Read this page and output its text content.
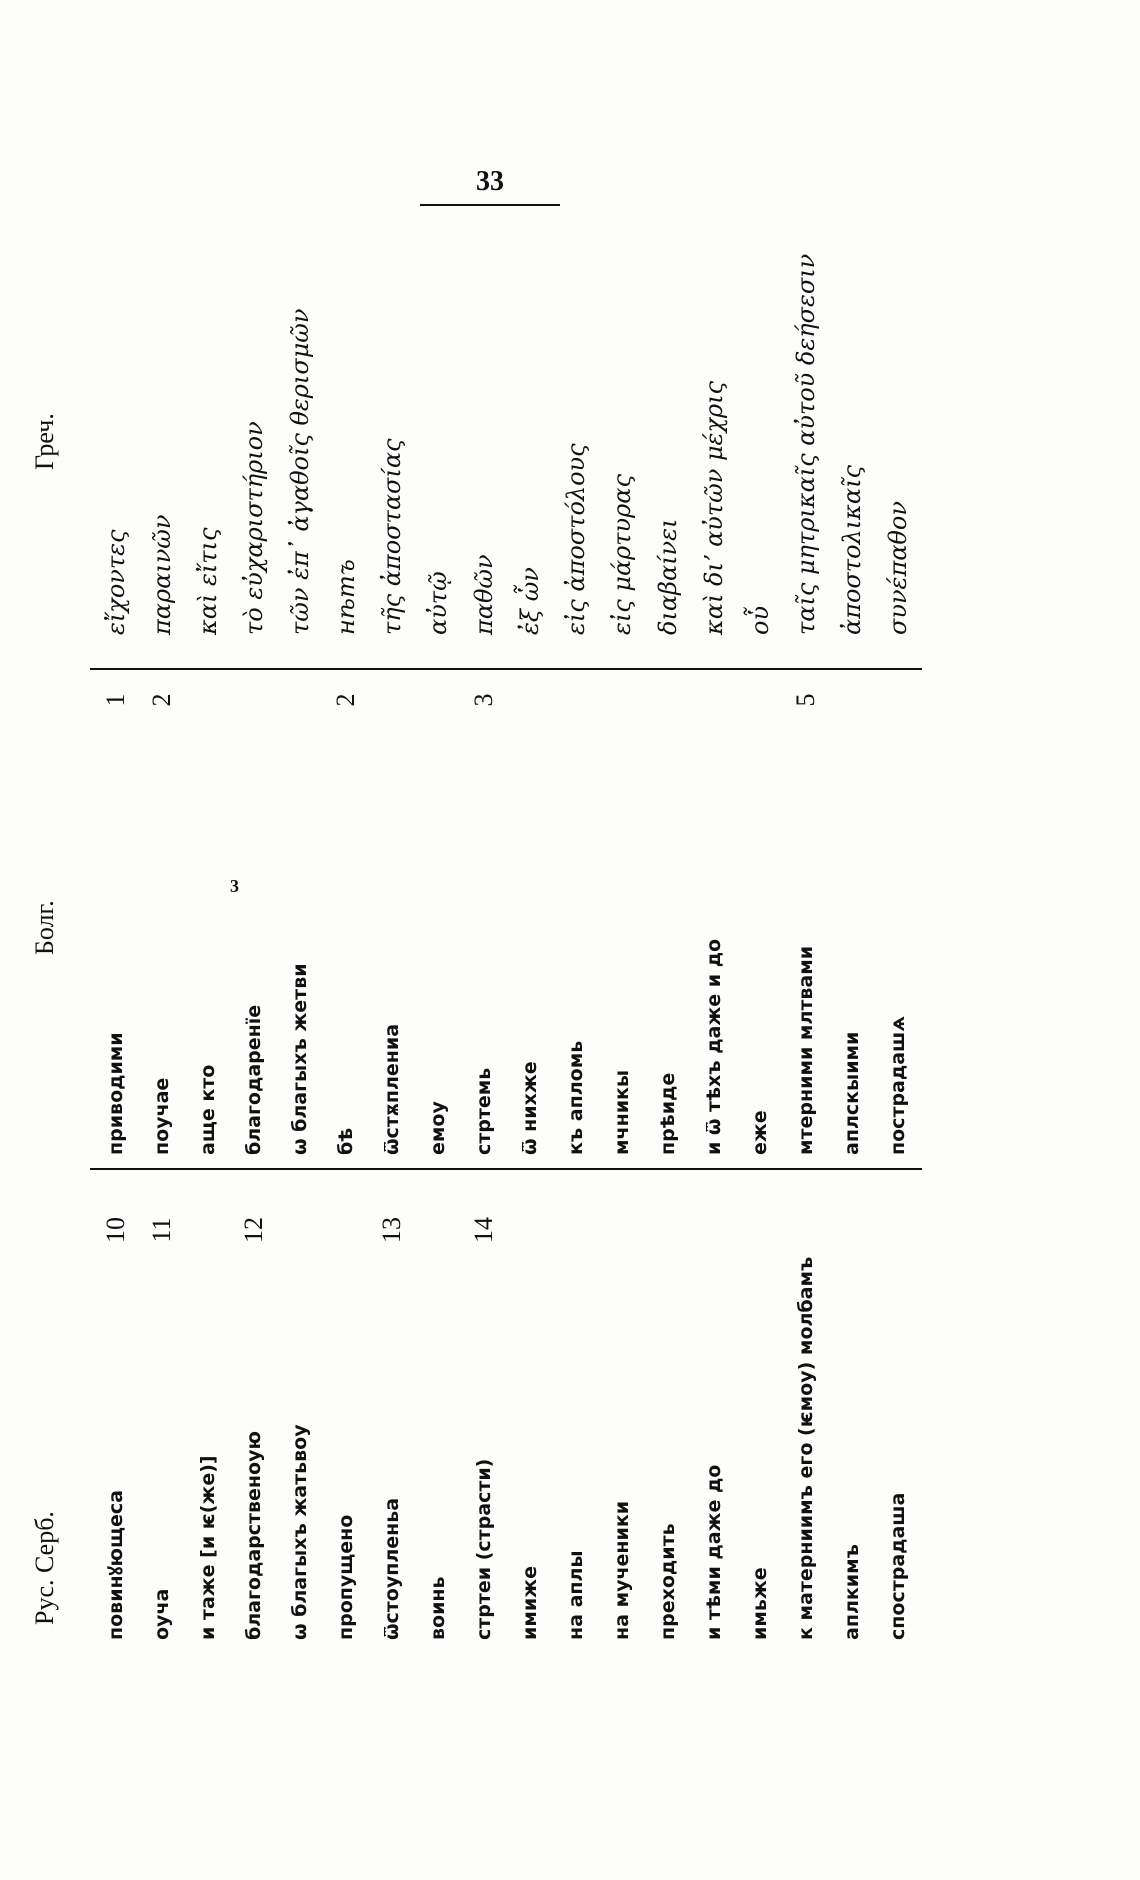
33
Рус. Серб.
Болг.
Греч.
повинꙋющеса
10
приводими
1
εἴχοντες
оучa
11
поучае
2
παραινῶν
и таже [и ѥ(же)]
аще кто
καὶ εἴτις
благодарственоую
12
благодаренїе
τὸ εὐχαριστήριον
ѡ благыхъ жатьвоу
ѡ благыхъ жетви
τῶν ἐπ᾽ ἀγαθοῖς θερισμῶν
пропущено
бѣ
2
нѣтъ
ѿстоупленьа
13
ѿстѫплениа
τῆς ἀποστασίας
воинь
емоу
αὐτῷ
стртеи (страсти)
14
стртемь
3
παθῶν
имиже
ѿ нихже
ἐξ ὧν
на аплы
къ апломь
εἰς ἀποστόλους
на мученики
мчникы
εἰς μάρτυρας
преходить
прѣиде
διαβαίνει
и тѣми даже до
и ѿ тѣхъ даже и до
καὶ διʼ αὐτῶν μέχρις
имьже
еже
οὗ
к матерниимъ его (ѥмоу) молбамъ
мтерними млтвами
5
ταῖς μητρικαῖς αὐτοῦ δεήσεσιν
аплкимъ
аплскыими
ἀποστολικαῖς
спострадаша
пострадашѧ
συνέπαθον
3
